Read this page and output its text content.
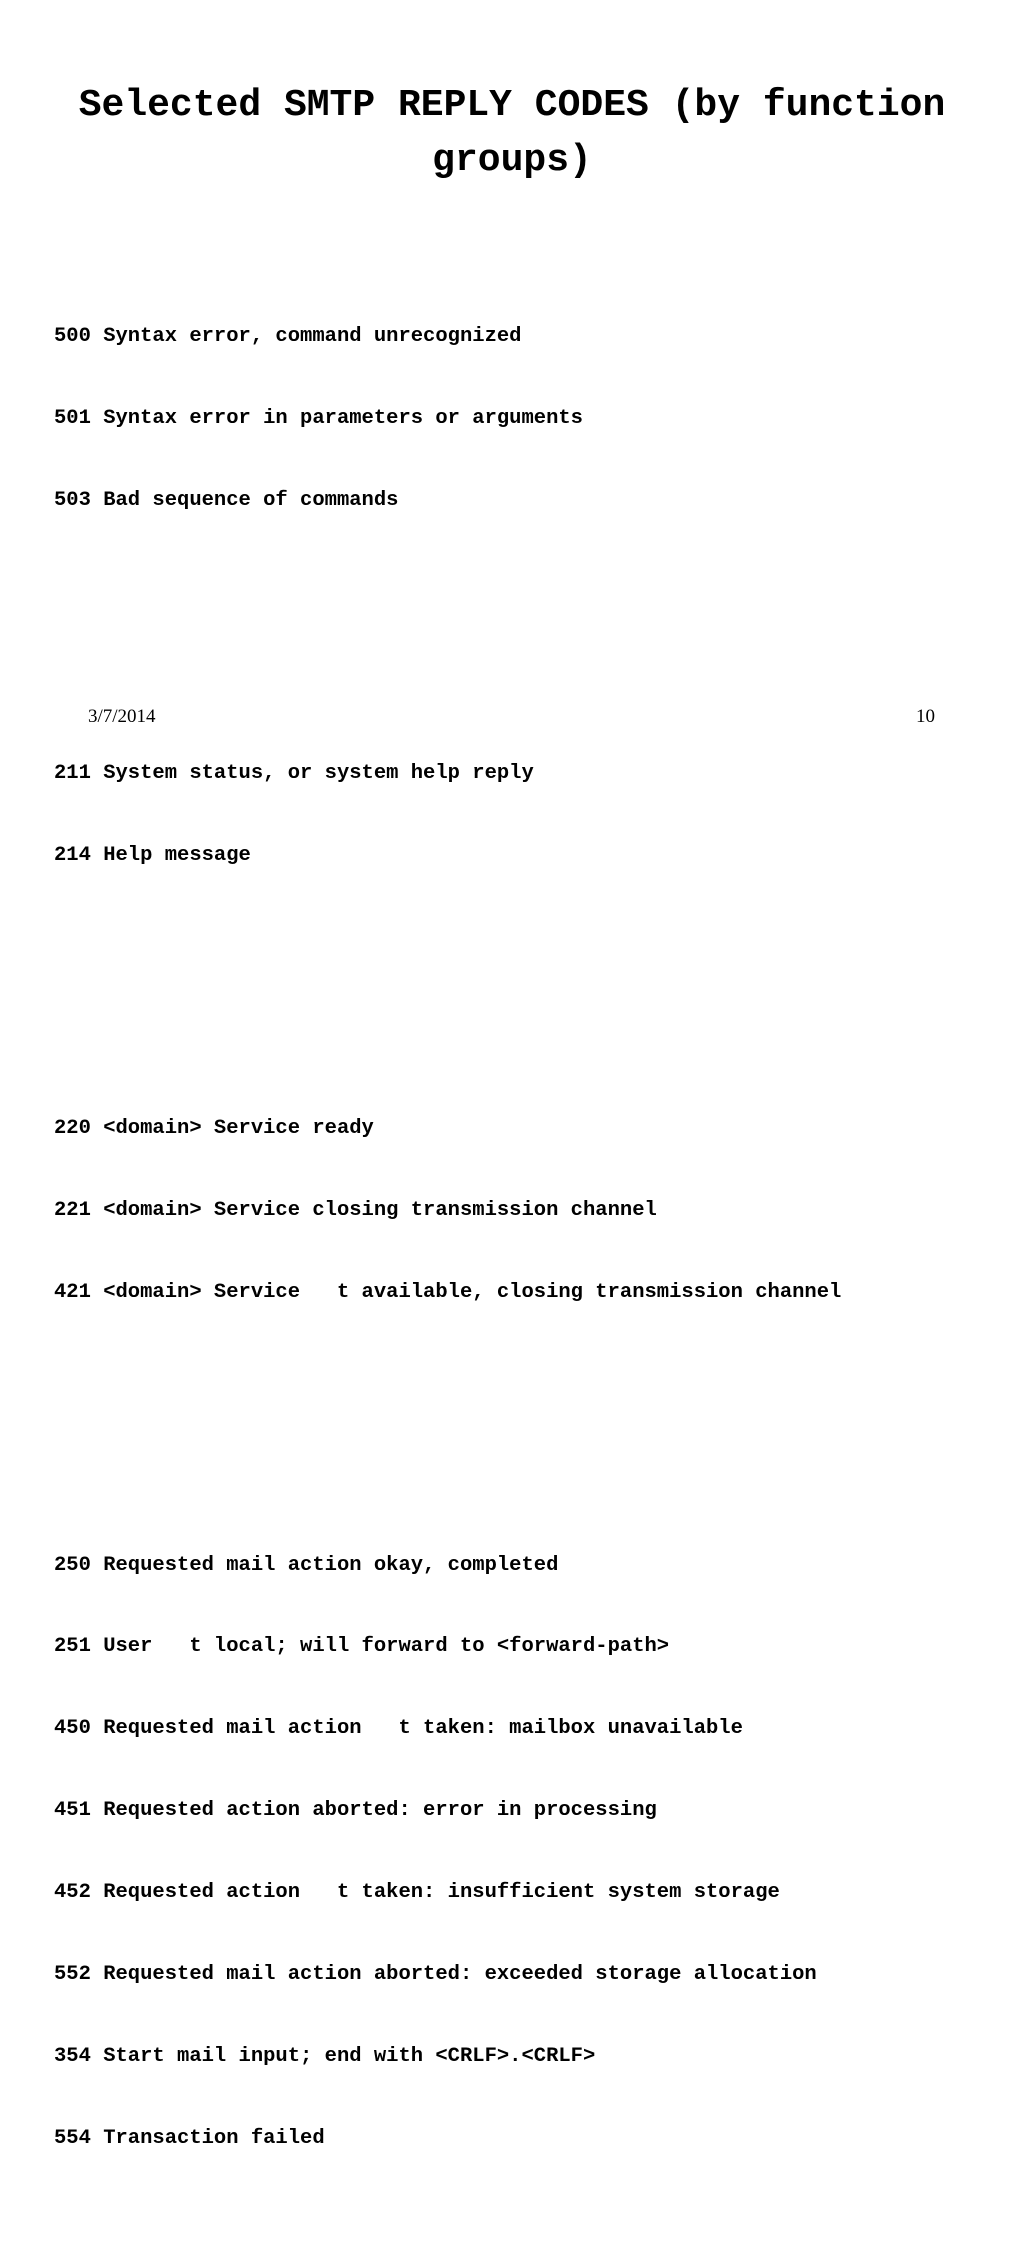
Selected SMTP REPLY CODES (by function groups)

500 Syntax error, command unrecognized

501 Syntax error in parameters or arguments

503 Bad sequence of commands

211 System status, or system help reply

214 Help message

220 <domain> Service ready

221 <domain> Service closing transmission channel

421 <domain> Service   t available, closing transmission channel

250 Requested mail action okay, completed

251 User   t local; will forward to <forward-path>

450 Requested mail action   t taken: mailbox unavailable

451 Requested action aborted: error in processing

452 Requested action   t taken: insufficient system storage

552 Requested mail action aborted: exceeded storage allocation

354 Start mail input; end with <CRLF>.<CRLF>

554 Transaction failed

3/7/2014	10
